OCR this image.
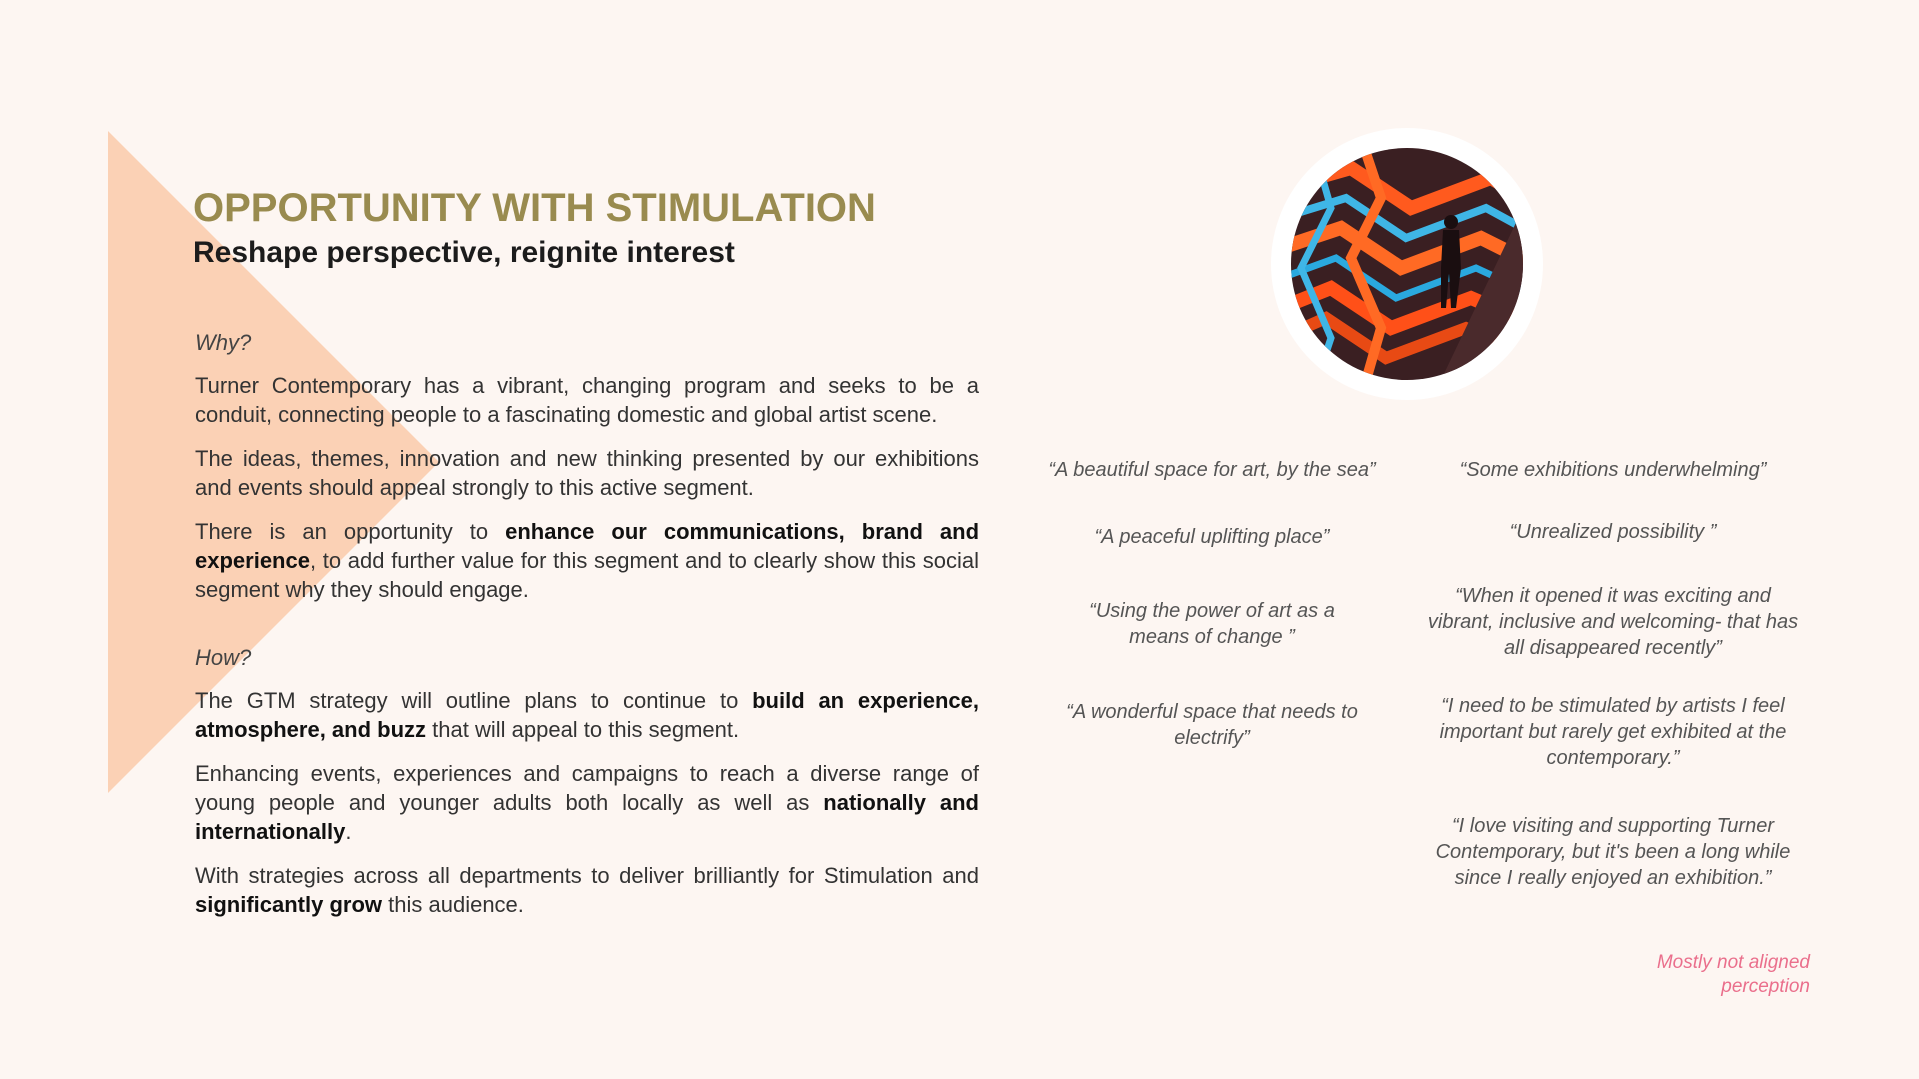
OPPORTUNITY WITH STIMULATION
Reshape perspective, reignite interest
Why?

Turner Contemporary has a vibrant, changing program and seeks to be a conduit, connecting people to a fascinating domestic and global artist scene.

The ideas, themes, innovation and new thinking presented by our exhibitions and events should appeal strongly to this active segment.

There is an opportunity to enhance our communications, brand and experience, to add further value for this segment and to clearly show this social segment why they should engage.

How?

The GTM strategy will outline plans to continue to build an experience, atmosphere, and buzz that will appeal to this segment.

Enhancing events, experiences and campaigns to reach a diverse range of young people and younger adults both locally as well as nationally and internationally.

With strategies across all departments to deliver brilliantly for Stimulation and significantly grow this audience.

“A beautiful space for art, by the sea”
“A peaceful uplifting place”
“Using the power of art as a means of change ”
“A wonderful space that needs to electrify”
“Some exhibitions underwhelming”
“Unrealized possibility ”
“When it opened it was exciting and vibrant, inclusive and welcoming- that has all disappeared recently”
“I need to be stimulated by artists I feel important but rarely get exhibited at the contemporary.”
“I love visiting and supporting Turner Contemporary, but it's been a long while since I really enjoyed an exhibition.”
Mostly not aligned perception
